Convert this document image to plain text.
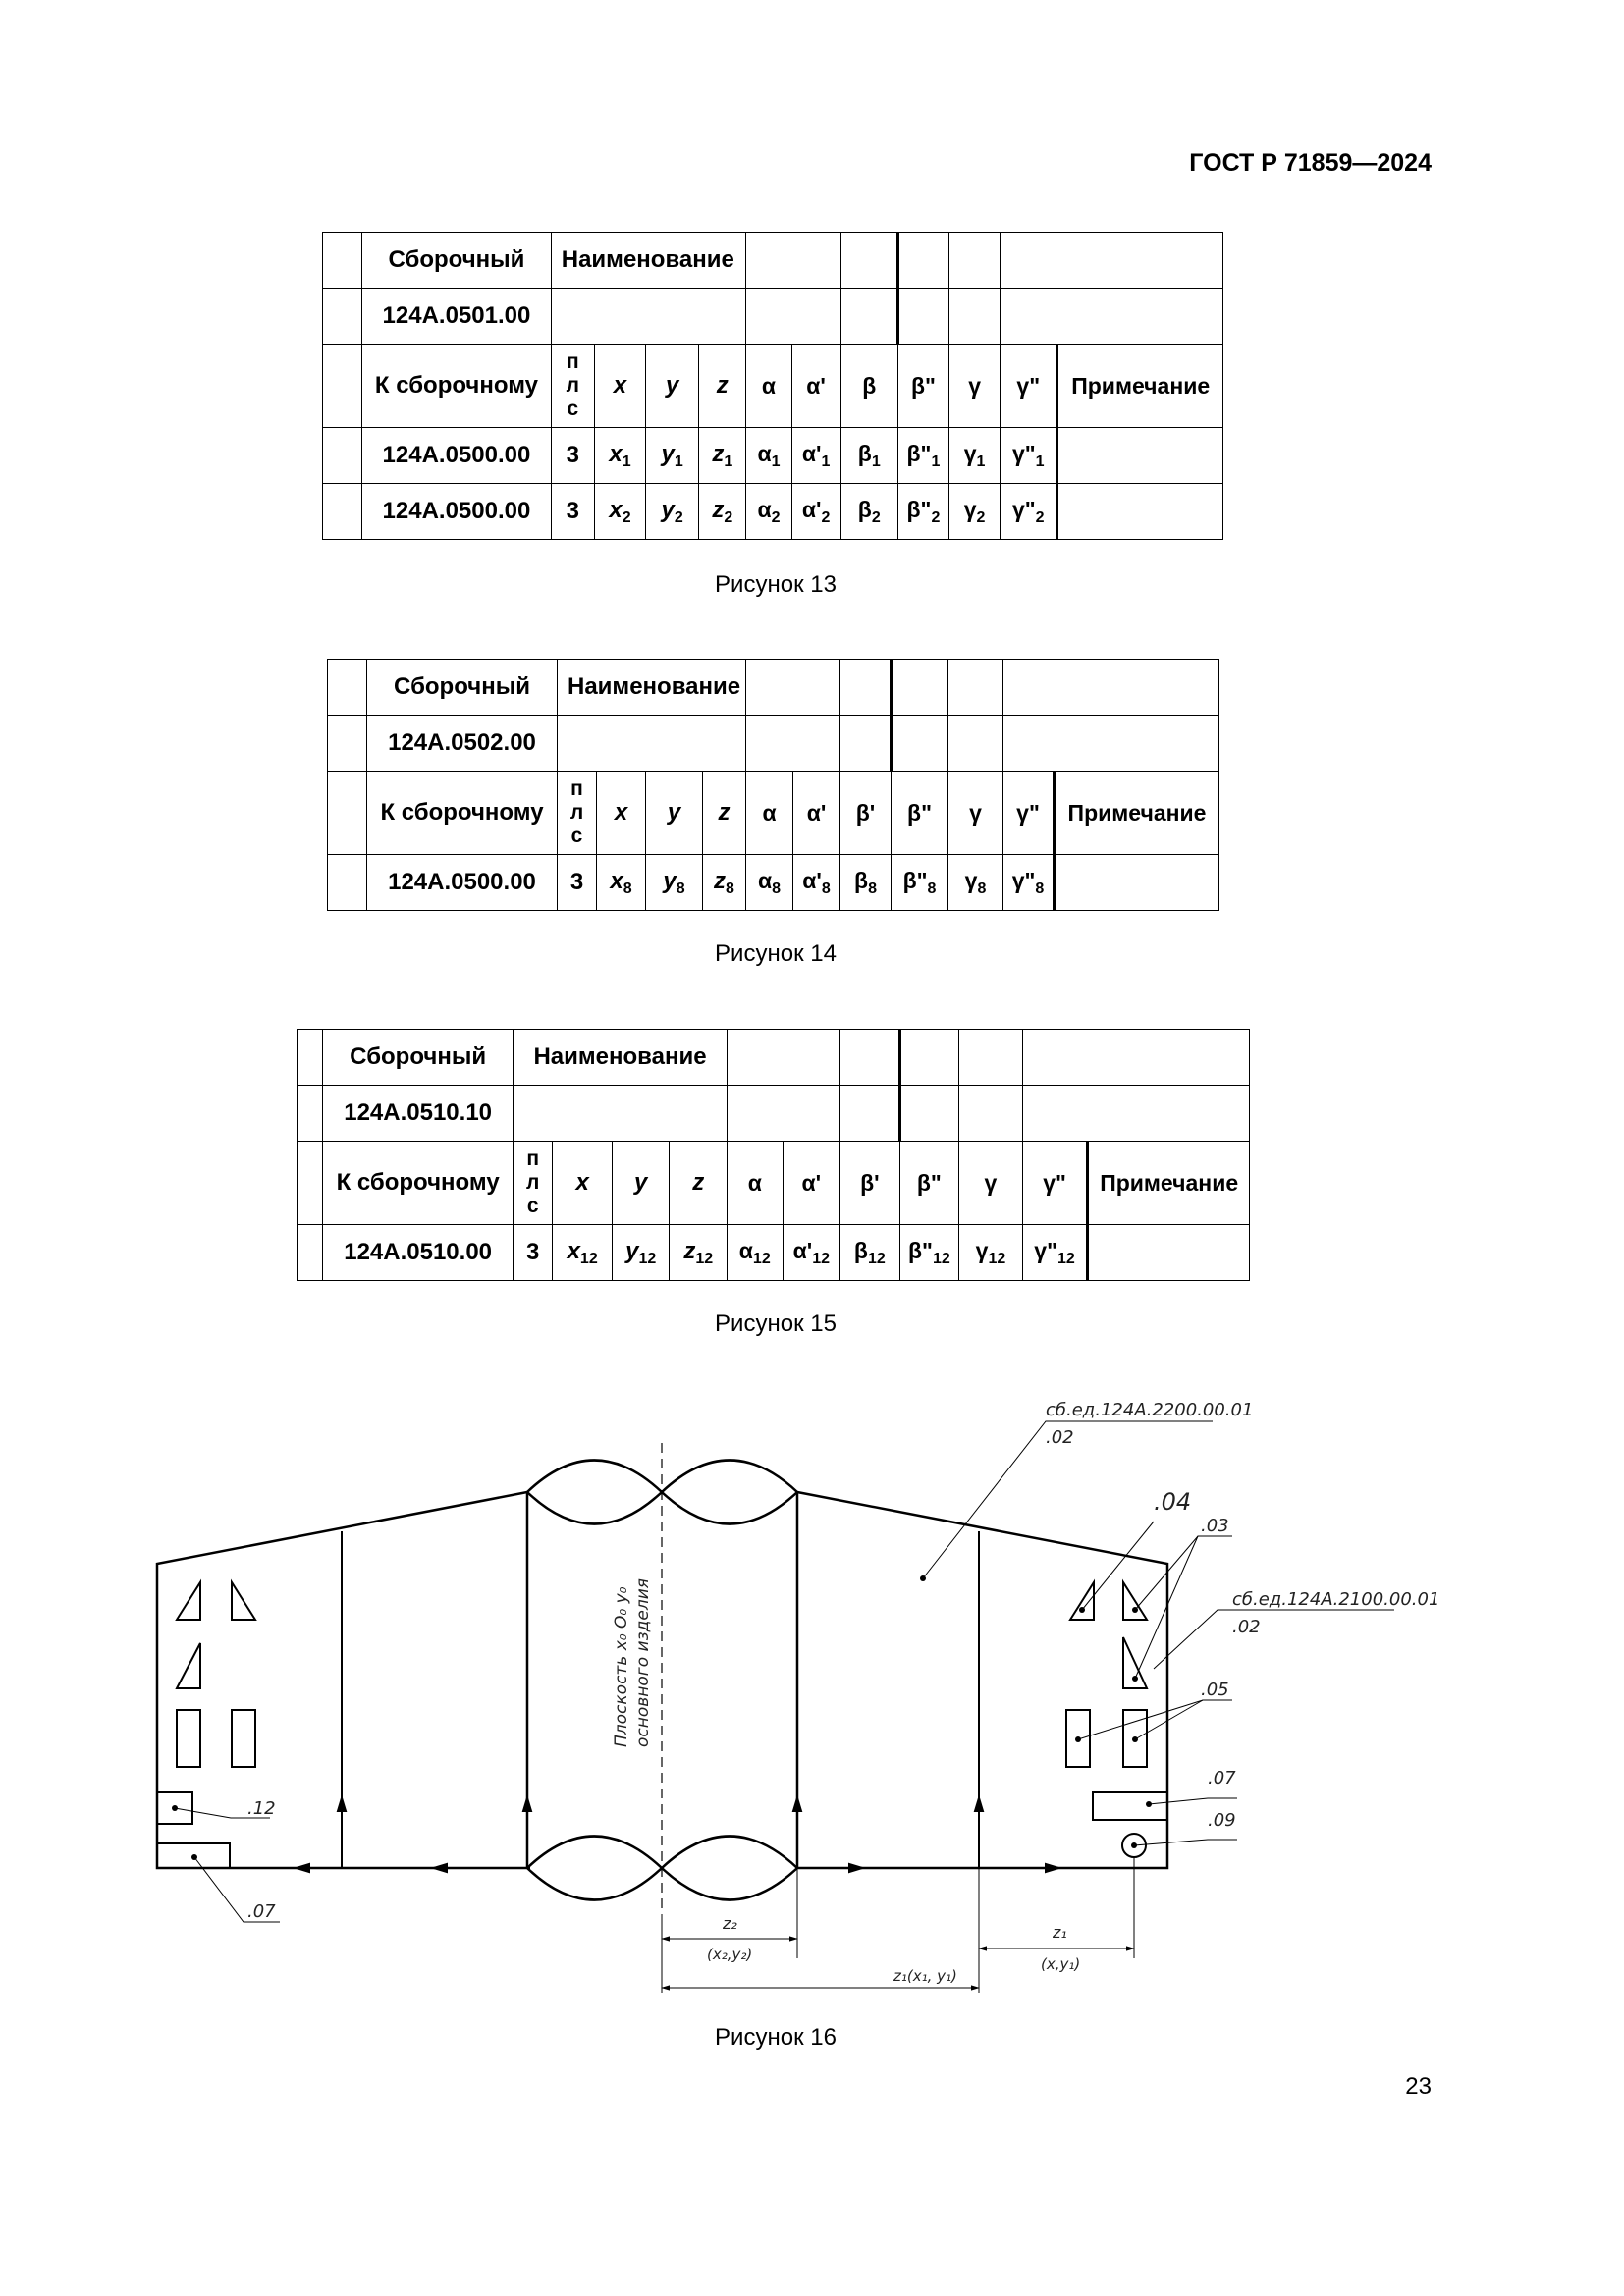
ГОСТ Р 71859—2024
	Сборочный	Наименование										
	124А.0501.00											
	К сборочному	п
л
с	x	y	z	α	α'	β	β"	γ	γ"	Примечание
	124А.0500.00	3	$x_1$	$y_1$	$z_1$	$\alpha_1$	$\alpha'_1$	$\beta_1$	$\beta"_1$	$\gamma_1$	$\gamma"_1$	
	124А.0500.00	3	$x_2$	$y_2$	$z_2$	$\alpha_2$	$\alpha'_2$	$\beta_2$	$\beta"_2$	$\gamma_2$	$\gamma"_2$	
Рисунок 13
	Сборочный	Наименование										
	124А.0502.00											
	К сборочному	п
л
с	x	y	z	α	α'	β'	β"	γ	γ"	Примечание
	124А.0500.00	3	$x_8$	$y_8$	$z_8$	$\alpha_8$	$\alpha'_8$	$\beta_8$	$\beta"_8$	$\gamma_8$	$\gamma"_8$	
Рисунок 14
	Сборочный	Наименование										
	124А.0510.10											
	К сборочному	п
л
с	x	y	z	α	α'	β'	β"	γ	γ"	Примечание
	124А.0510.00	3	$x_{12}$	$y_{12}$	$z_{12}$	$\alpha_{12}$	$\alpha'_{12}$	$\beta_{12}$	$\beta"_{12}$	$\gamma_{12}$	$\gamma"_{12}$	
Рисунок 15
сб.ед.124А.2200.00.01
.02
.04
.03
сб.ед.124А.2100.00.01
.02
.05
.07
.09
.12
.07
Плоскость x₀ O₀ y₀ основного изделия
z₂
(x₂,y₂)
z₁
(x,y₁)
z₁(x₁, y₁)
Рисунок 16
23
